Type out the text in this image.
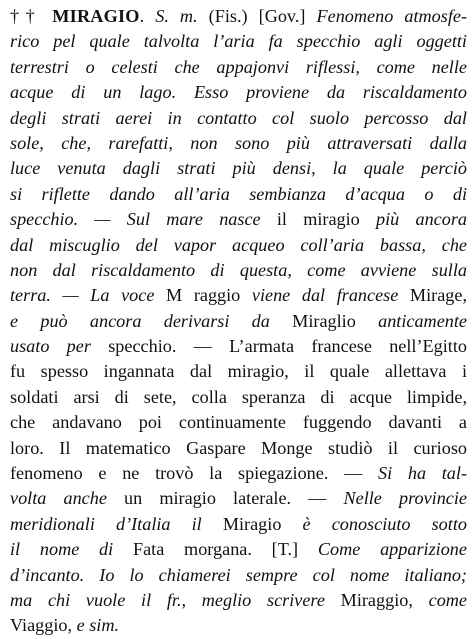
†† MIRAGIO. S. m. (Fis.) [Gov.] Fenomeno atmosfe-
rico pel quale talvolta l’aria fa specchio agli oggetti
terrestri o celesti che appajonvi riflessi, come nelle
acque di un lago. Esso proviene da riscaldamento
degli strati aerei in contatto col suolo percosso dal
sole, che, rarefatti, non sono più attraversati dalla
luce venuta dagli strati più densi, la quale perciò
si riflette dando all’aria sembianza d’acqua o di
specchio. — Sul mare nasce il miragio più ancora
dal miscuglio del vapor acqueo coll’aria bassa, che
non dal riscaldamento di questa, come avviene sulla
terra. — La voce M raggio viene dal francese Mirage,
e può ancora derivarsi da Miraglio anticamente
usato per specchio. — L’armata francese nell’Egitto
fu spesso ingannata dal miragio, il quale allettava i
soldati arsi di sete, colla speranza di acque limpide,
che andavano poi continuamente fuggendo davanti a
loro. Il matematico Gaspare Monge studiò il curioso
fenomeno e ne trovò la spiegazione. — Si ha tal-
volta anche un miragio laterale. — Nelle provincie
meridionali d’Italia il Miragio è conosciuto sotto
il nome di Fata morgana. [T.] Come apparizione
d’incanto. Io lo chiamerei sempre col nome italiano;
ma chi vuole il fr., meglio scrivere Miraggio, come
Viaggio, e sim.
